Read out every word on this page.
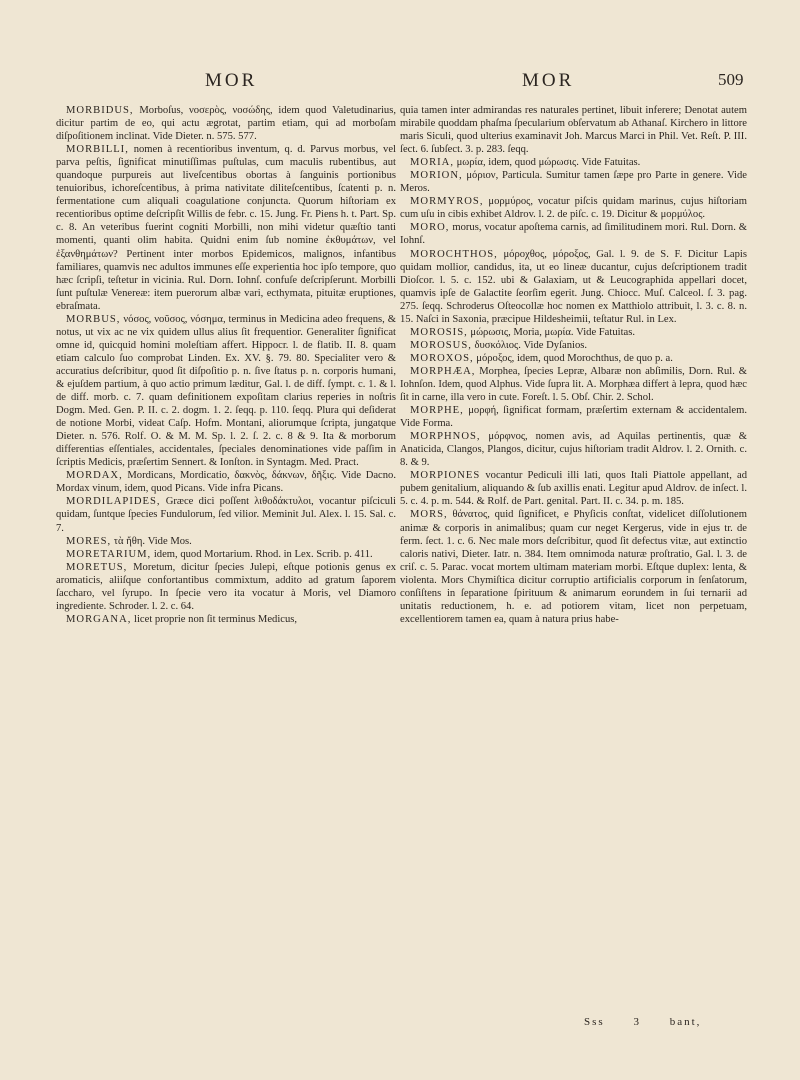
MOR	MOR	509

MORBIDUS, Morboſus, νοσερὸς, νοσώδης, idem quod Valetudinarius, dicitur partim de eo, qui actu ægrotat, partim etiam, qui ad morboſam diſpoſitionem inclinat. Vide Dieter. n. 575. 577.

MORBILLI, nomen à recentioribus inventum, q. d. Parvus morbus, vel parva peſtis, ſignificat minutiſſimas puſtulas, cum maculis rubentibus, aut quandoque purpureis aut liveſcentibus obortas à ſanguinis portionibus tenuioribus, ichoreſcentibus, à prima nativitate diliteſcentibus, ſcatenti p. n. fermentatione cum aliquali coagulatione conjuncta. Quorum hiſtoriam ex recentioribus optime deſcripſit Willis de febr. c. 15. Jung. Fr. Piens h. t. Part. Sp. c. 8. An veteribus fuerint cogniti Morbilli, non mihi videtur quæſtio tanti momenti, quanti olim habita. Quidni enim ſub nomine ἐκθυμάτων, vel ἐξανθημάτων? Pertinent inter morbos Epidemicos, malignos, infantibus familiares, quamvis nec adultos immunes eſſe experientia hoc ipſo tempore, quo hæc ſcripſi, teſtetur in vicinia. Rul. Dorn. Iohnſ. confuſe deſcripſerunt. Morbilli ſunt puſtulæ Venereæ: item puerorum albæ vari, ecthymata, pituitæ eruptiones, ebraſmata.

MORBUS, νόσος, νοῦσος, νόσημα, terminus in Medicina adeo frequens, & notus, ut vix ac ne vix quidem ullus alius ſit frequentior. Generaliter ſignificat omne id, quicquid homini moleſtiam affert. Hippocr. l. de flatib. II. 8. quam etiam calculo ſuo comprobat Linden. Ex. XV. §. 79. 80. Specialiter vero & accuratius deſcribitur, quod ſit diſpoſitio p. n. ſive ſtatus p. n. corporis humani, & ejuſdem partium, à quo actio primum læditur, Gal. l. de diff. ſympt. c. 1. & l. de diff. morb. c. 7. quam definitionem expoſitam clarius reperies in noſtris Dogm. Med. Gen. P. II. c. 2. dogm. 1. 2. ſeqq. p. 110. ſeqq. Plura qui deſiderat de notione Morbi, videat Caſp. Hofm. Montani, aliorumque ſcripta, jungatque Dieter. n. 576. Rolf. O. & M. M. Sp. l. 2. ſ. 2. c. 8 & 9. Ita & morborum differentias eſſentiales, accidentales, ſpeciales denominationes vide paſſim in ſcriptis Medicis, præſertim Sennert. & Ionſton. in Syntagm. Med. Pract.

MORDAX, Mordicans, Mordicatio, δακνὸς, δάκνων, δῆξις. Vide Dacno. Mordax vinum, idem, quod Picans. Vide infra Picans.

MORDILAPIDES, Græce dici poſſent λιθοδάκτυλοι, vocantur piſciculi quidam, ſuntque ſpecies Fundulorum, ſed vilior. Meminit Jul. Alex. l. 15. Sal. c. 7.

MORES, τὰ ἤθη. Vide Mos.

MORETARIUM, idem, quod Mortarium. Rhod. in Lex. Scrib. p. 411.

MORETUS, Moretum, dicitur ſpecies Julepi, eſtque potionis genus ex aromaticis, aliiſque confortantibus commixtum, addito ad gratum ſaporem ſaccharo, vel ſyrupo. In ſpecie vero ita vocatur à Moris, vel Diamoro ingrediente. Schroder. l. 2. c. 64.

MORGANA, licet proprie non ſit terminus Medicus,

quia tamen inter admirandas res naturales pertinet, libuit inferere; Denotat autem mirabile quoddam phaſma ſpecularium obſervatum ab Athanaſ. Kirchero in littore maris Siculi, quod ulterius examinavit Joh. Marcus Marci in Phil. Vet. Reſt. P. III. ſect. 6. ſubſect. 3. p. 283. ſeqq.

MORIA, μωρία, idem, quod μώρωσις. Vide Fatuitas.

MORION, μόριον, Particula. Sumitur tamen ſæpe pro Parte in genere. Vide Meros.

MORMYROS, μορμύρος, vocatur piſcis quidam marinus, cujus hiſtoriam cum uſu in cibis exhibet Aldrov. l. 2. de piſc. c. 19. Dicitur & μορμύλος.

MORO, morus, vocatur apoſtema carnis, ad ſimilitudinem mori. Rul. Dorn. & Iohnſ.

MOROCHTHOS, μόροχθος, μόροξος, Gal. l. 9. de S. F. Dicitur Lapis quidam mollior, candidus, ita, ut eo lineæ ducantur, cujus deſcriptionem tradit Dioſcor. l. 5. c. 152. ubi & Galaxiam, ut & Leucographida appellari docet, quamvis ipſe de Galactite ſeorſim egerit. Jung. Chiocc. Muſ. Calceol. ſ. 3. pag. 275. ſeqq. Schroderus Oſteocollæ hoc nomen ex Matthiolo attribuit, l. 3. c. 8. n. 15. Naſci in Saxonia, præcipue Hildesheimii, teſtatur Rul. in Lex.

MOROSIS, μώρωσις, Moria, μωρία. Vide Fatuitas.

MOROSUS, δυσκόλιος. Vide Dyſanios.

MOROXOS, μόροξος, idem, quod Morochthus, de quo p. a.

MORPHÆA, Morphea, ſpecies Lepræ, Albaræ non abſimilis, Dorn. Rul. & Iohnſon. Idem, quod Alphus. Vide ſupra lit. A. Morphæa differt à lepra, quod hæc ſit in carne, illa vero in cute. Foreſt. l. 5. Obſ. Chir. 2. Schol.

MORPHE, μορφή, ſignificat formam, præſertim externam & accidentalem. Vide Forma.

MORPHNOS, μόρφνος, nomen avis, ad Aquilas pertinentis, quæ & Anaticida, Clangos, Plangos, dicitur, cujus hiſtoriam tradit Aldrov. l. 2. Ornith. c. 8. & 9.

MORPIONES vocantur Pediculi illi lati, quos Itali Piattole appellant, ad pubem genitalium, aliquando & ſub axillis enati. Legitur apud Aldrov. de inſect. l. 5. c. 4. p. m. 544. & Rolf. de Part. genital. Part. II. c. 34. p. m. 185.

MORS, θάνατος, quid ſignificet, e Phyſicis conſtat, videlicet diſſolutionem animæ & corporis in animalibus; quam cur neget Kergerus, vide in ejus tr. de ferm. ſect. 1. c. 6. Nec male mors deſcribitur, quod ſit defectus vitæ, aut extinctio caloris nativi, Dieter. Iatr. n. 384. Item omnimoda naturæ proſtratio, Gal. l. 3. de criſ. c. 5. Parac. vocat mortem ultimam materiam morbi. Eſtque duplex: lenta, & violenta. Mors Chymiſtica dicitur corruptio artificialis corporum in ſenſatorum, conſiſtens in ſeparatione ſpirituum & animarum eorundem in ſui ternarii ad unitatis reductionem, h. e. ad potiorem vitam, licet non perpetuam, excellentiorem tamen ea, quam à natura prius habe-

Sss	3	bant,
